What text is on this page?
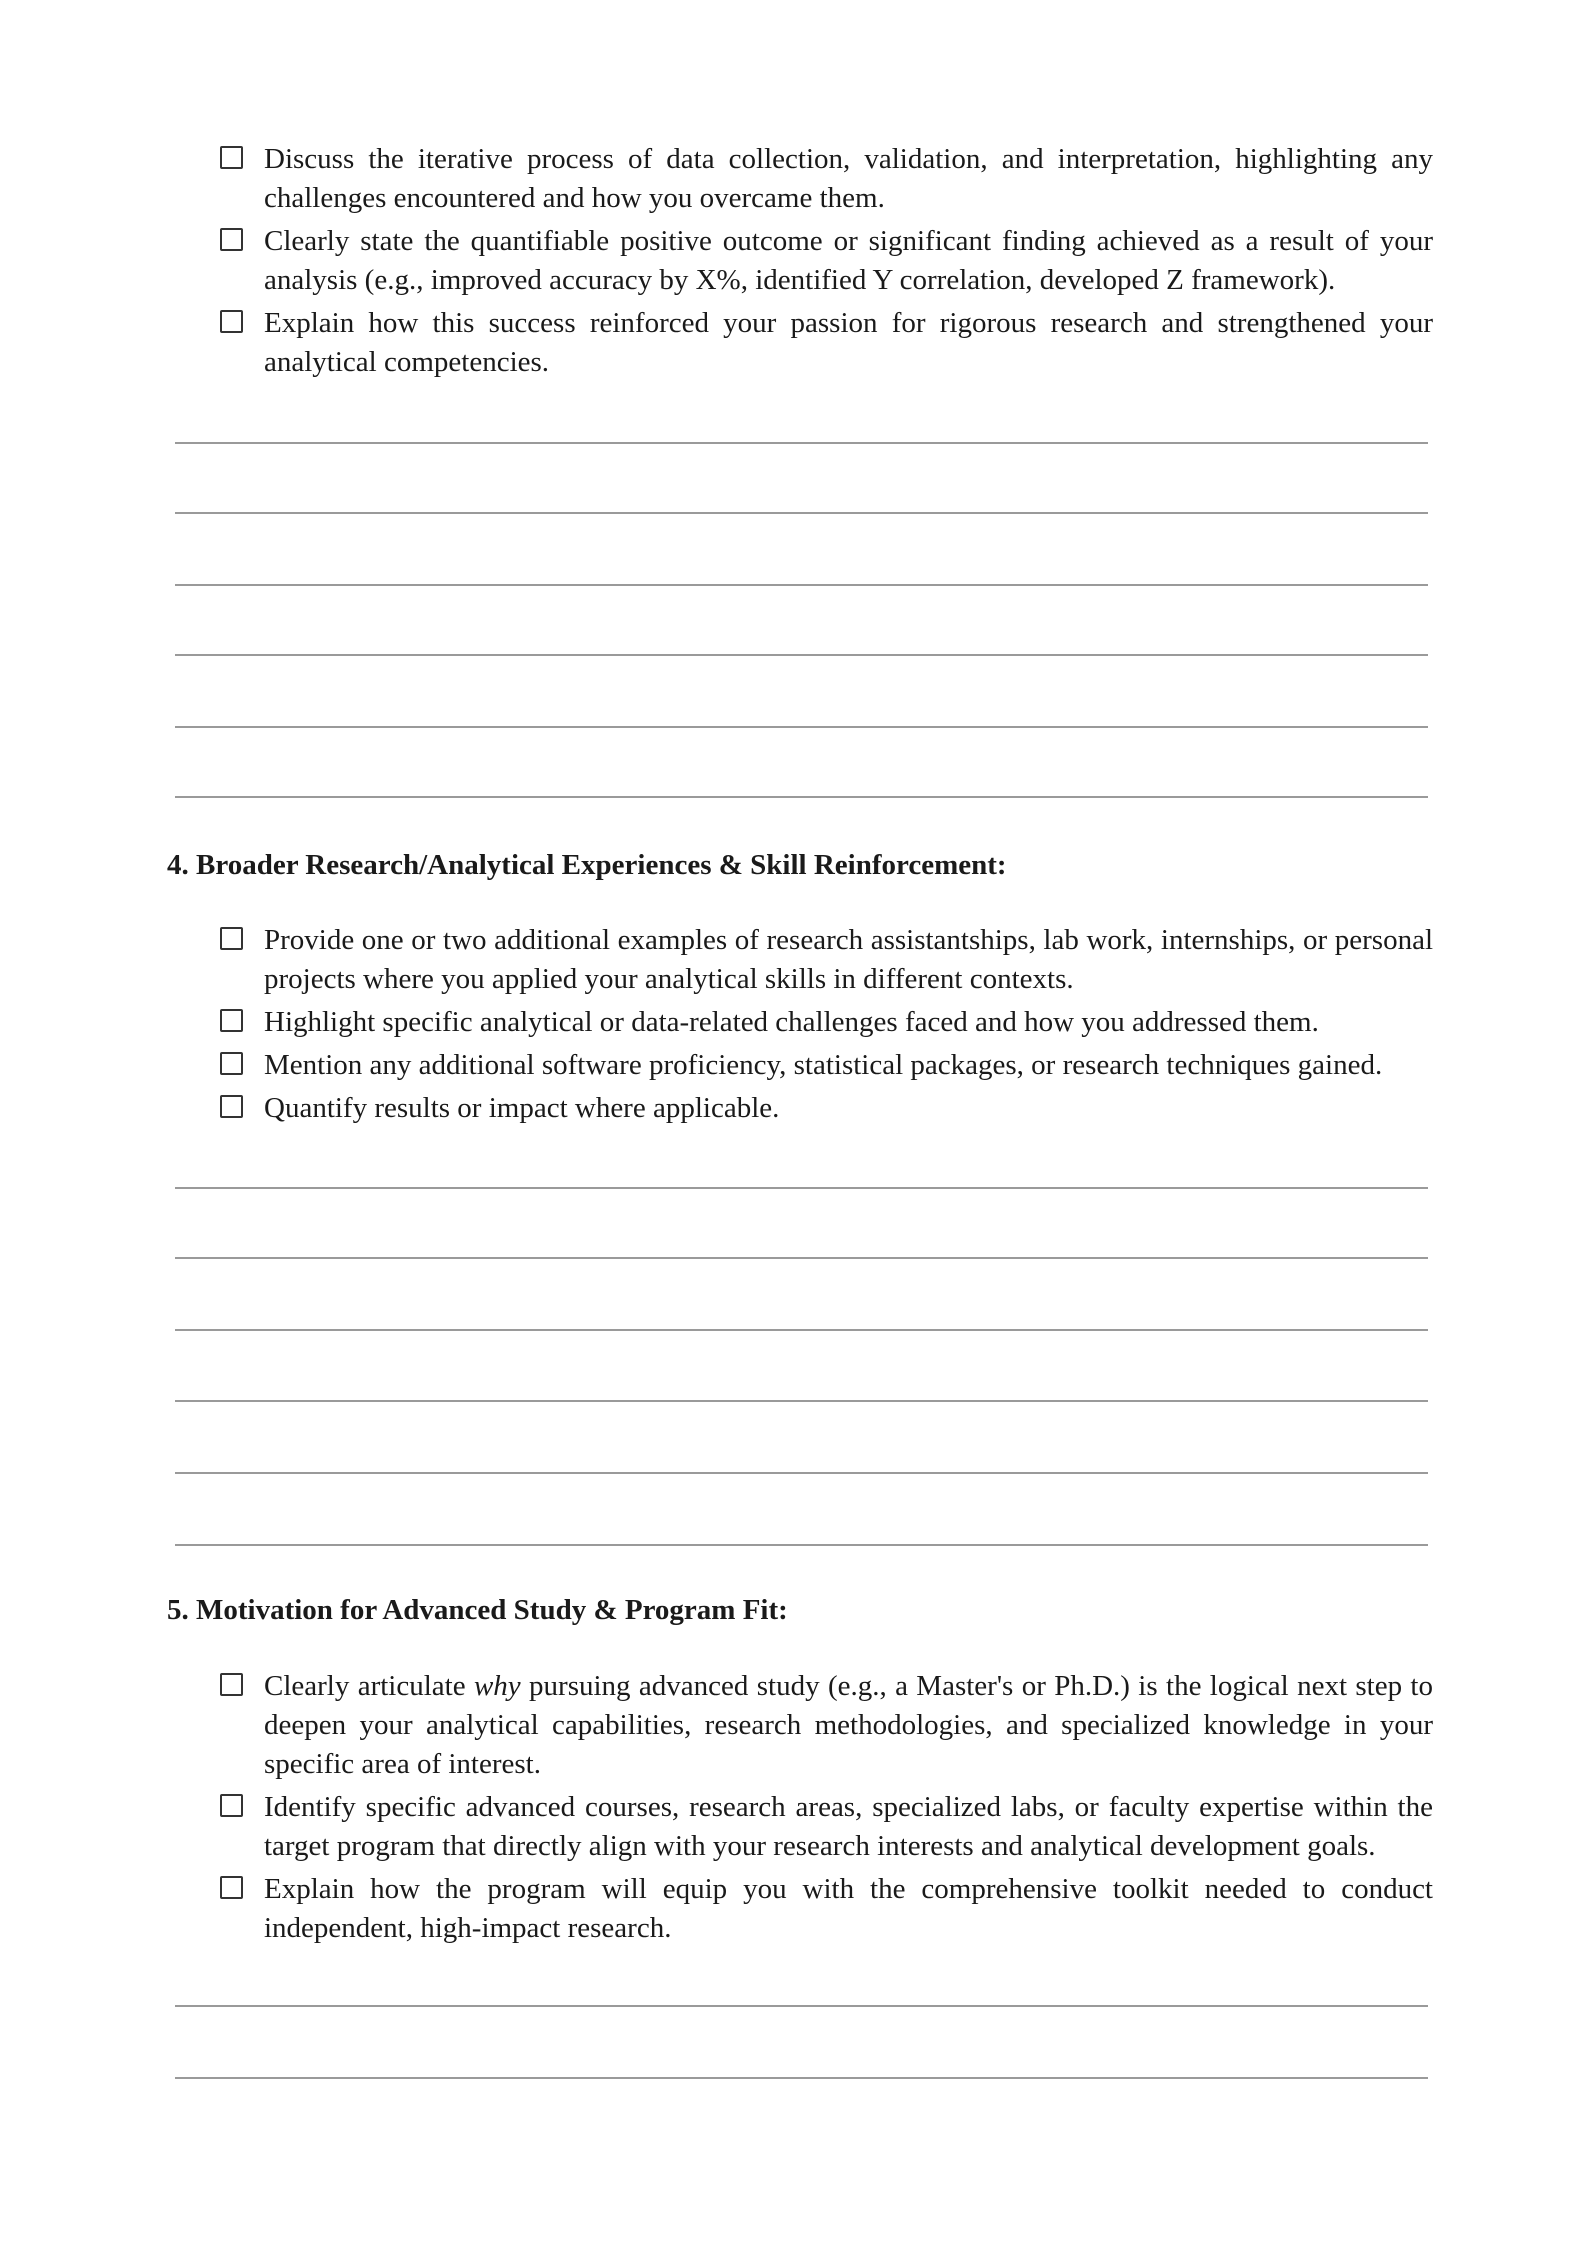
Discuss the iterative process of data collection, validation, and interpretation, highlighting any challenges encountered and how you overcame them.
Clearly state the quantifiable positive outcome or significant finding achieved as a result of your analysis (e.g., improved accuracy by X%, identified Y correlation, developed Z framework).
Explain how this success reinforced your passion for rigorous research and strengthened your analytical competencies.
4. Broader Research/Analytical Experiences & Skill Reinforcement:
Provide one or two additional examples of research assistantships, lab work, internships, or personal projects where you applied your analytical skills in different contexts.
Highlight specific analytical or data-related challenges faced and how you addressed them.
Mention any additional software proficiency, statistical packages, or research techniques gained.
Quantify results or impact where applicable.
5. Motivation for Advanced Study & Program Fit:
Clearly articulate why pursuing advanced study (e.g., a Master's or Ph.D.) is the logical next step to deepen your analytical capabilities, research methodologies, and specialized knowledge in your specific area of interest.
Identify specific advanced courses, research areas, specialized labs, or faculty expertise within the target program that directly align with your research interests and analytical development goals.
Explain how the program will equip you with the comprehensive toolkit needed to conduct independent, high-impact research.
